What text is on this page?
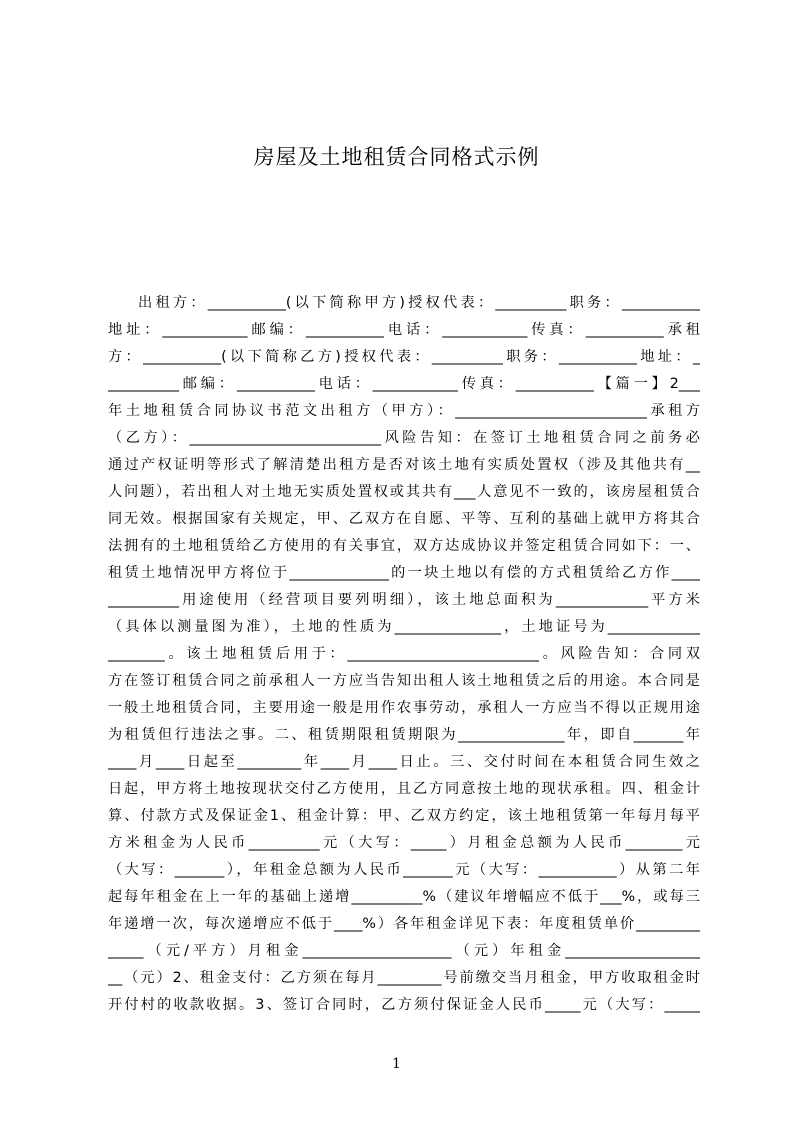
房屋及土地租赁合同格式示例
出租方：___________(以下简称甲方)授权代表：__________职务：___________
地址：____________邮编：___________电话：____________传真：___________承租
方：___________(以下简称乙方)授权代表：__________职务：___________地址：_
__________邮编：___________电话：____________传真：___________【篇一】2___
年土地租赁合同协议书范文出租方（甲方）：___________________________承租方
（乙方）：___________________________风险告知：在签订土地租赁合同之前务必
通过产权证明等形式了解清楚出租方是否对该土地有实质处置权（涉及其他共有__
人问题），若出租人对土地无实质处置权或其共有___人意见不一致的，该房屋租赁合
同无效。根据国家有关规定，甲、乙双方在自愿、平等、互利的基础上就甲方将其合
法拥有的土地租赁给乙方使用的有关事宜，双方达成协议并签定租赁合同如下：一、
租赁土地情况甲方将位于______________的一块土地以有偿的方式租赁给乙方作____
__________用途使用（经营项目要列明细），该土地总面积为_____________平方米
（具体以测量图为准），土地的性质为_______________，土地证号为_____________
________。该土地租赁后用于：___________________________。风险告知：合同双
方在签订租赁合同之前承租人一方应当告知出租人该土地租赁之后的用途。本合同是
一般土地租赁合同，主要用途一般是用作农事劳动，承租人一方应当不得以正规用途
为租赁但行违法之事。二、租赁期限租赁期限为_______________年，即自_______年
____月____日起至_________年____月____日止。三、交付时间在本租赁合同生效之
日起，甲方将土地按现状交付乙方使用，且乙方同意按土地的现状承租。四、租金计
算、付款方式及保证金1、租金计算：甲、乙双方约定，该土地租赁第一年每月每平
方米租金为人民币__________元（大写：_____）月租金总额为人民币________元
（大写：_______），年租金总额为人民币_______元（大写：___________）从第二年
起每年租金在上一年的基础上递增__________%（建议年增幅应不低于___%，或每三
年递增一次，每次递增应不低于____%）各年租金详见下表：年度租赁单价_________
_____（元/平方）月租金_____________________（元）年租金___________________
__（元）2、租金支付：乙方须在每月_________号前缴交当月租金，甲方收取租金时
开付村的收款收据。3、签订合同时，乙方须付保证金人民币_____元（大写：_____
1
